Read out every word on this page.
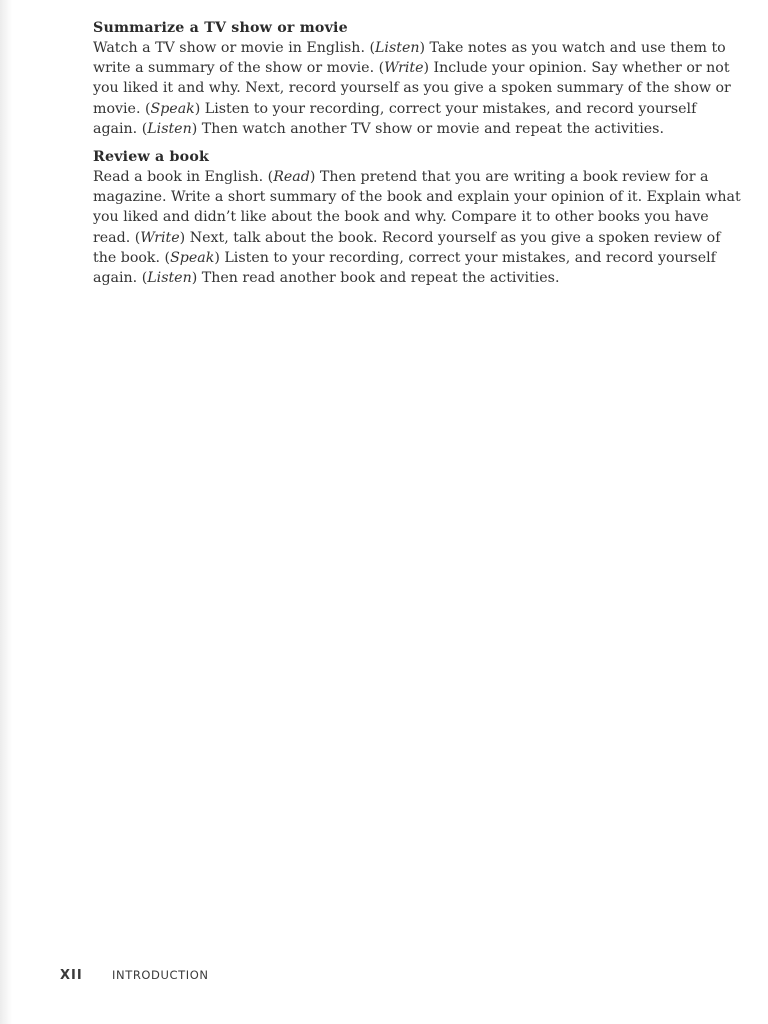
Summarize a TV show or movie

Watch a TV show or movie in English. (Listen) Take notes as you watch and use them to write a summary of the show or movie. (Write) Include your opinion. Say whether or not you liked it and why. Next, record yourself as you give a spoken summary of the show or movie. (Speak) Listen to your recording, correct your mistakes, and record yourself again. (Listen) Then watch another TV show or movie and repeat the activities.

Review a book

Read a book in English. (Read) Then pretend that you are writing a book review for a magazine. Write a short summary of the book and explain your opinion of it. Explain what you liked and didn’t like about the book and why. Compare it to other books you have read. (Write) Next, talk about the book. Record yourself as you give a spoken review of the book. (Speak) Listen to your recording, correct your mistakes, and record yourself again. (Listen) Then read another book and repeat the activities.

XII	INTRODUCTION
